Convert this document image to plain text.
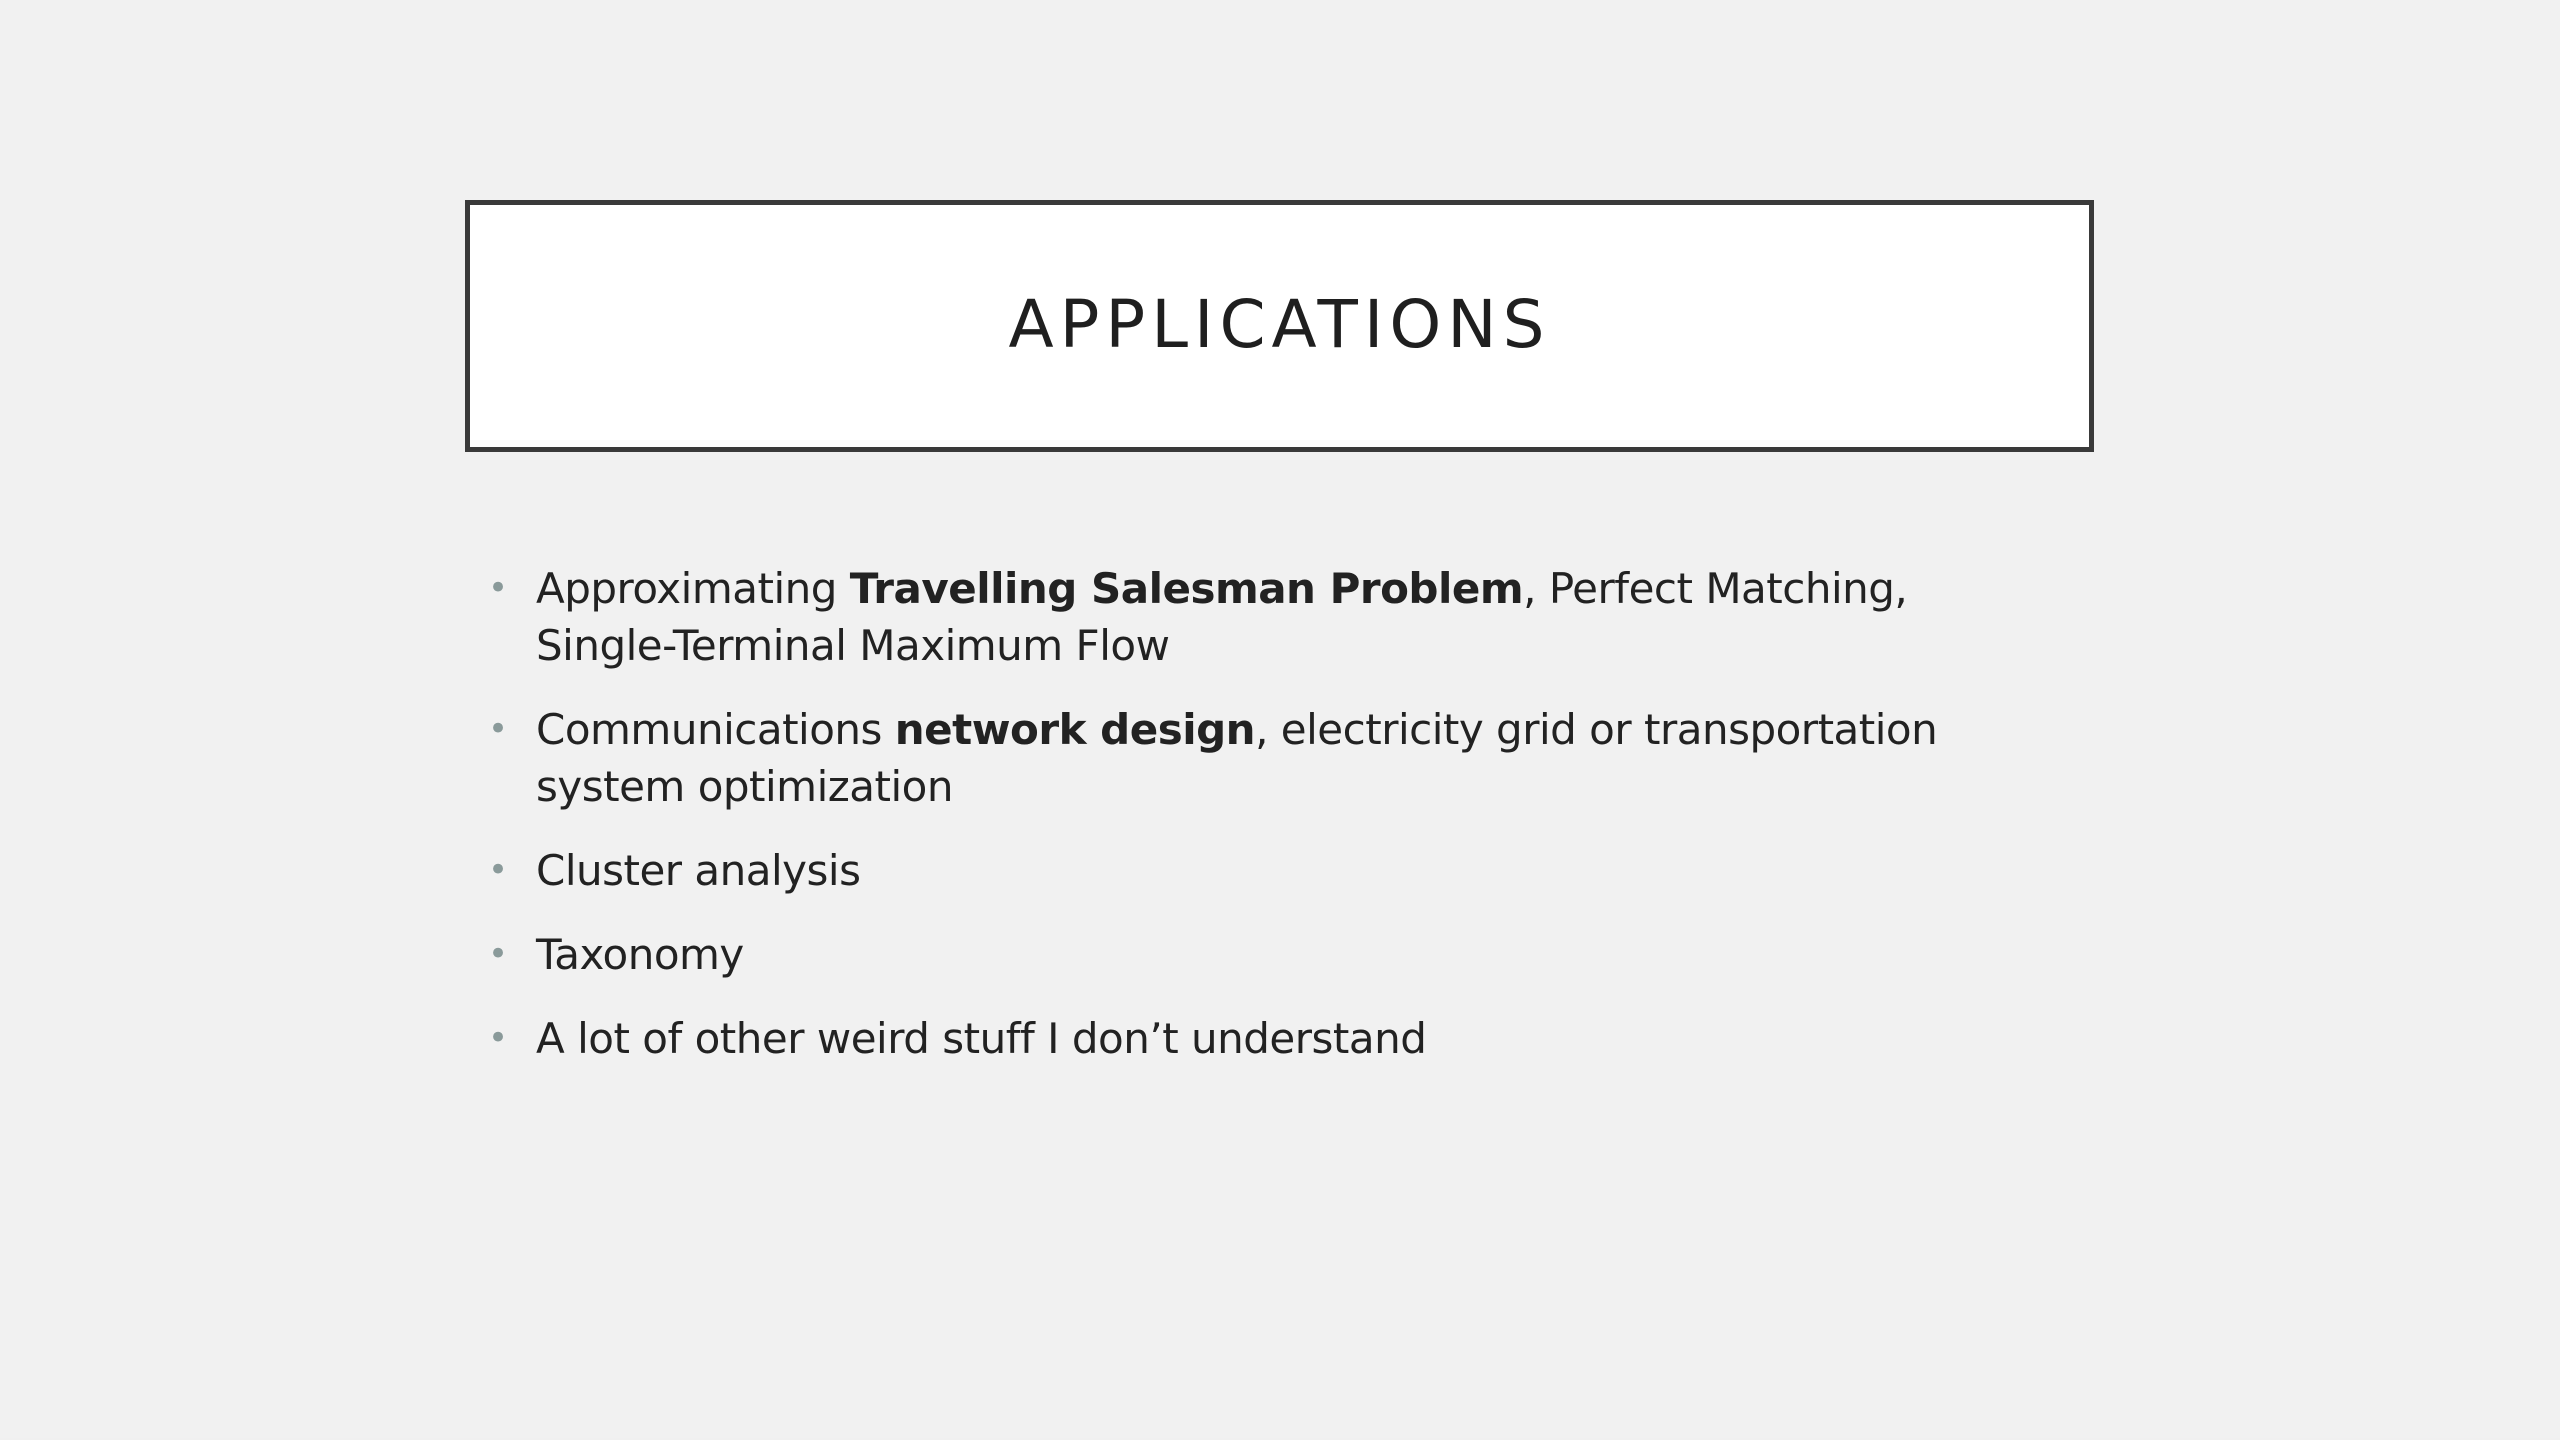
APPLICATIONS
• Approximating Travelling Salesman Problem, Perfect Matching, Single-Terminal Maximum Flow
• Communications network design, electricity grid or transportation system optimization
• Cluster analysis
• Taxonomy
• A lot of other weird stuff I don’t understand
